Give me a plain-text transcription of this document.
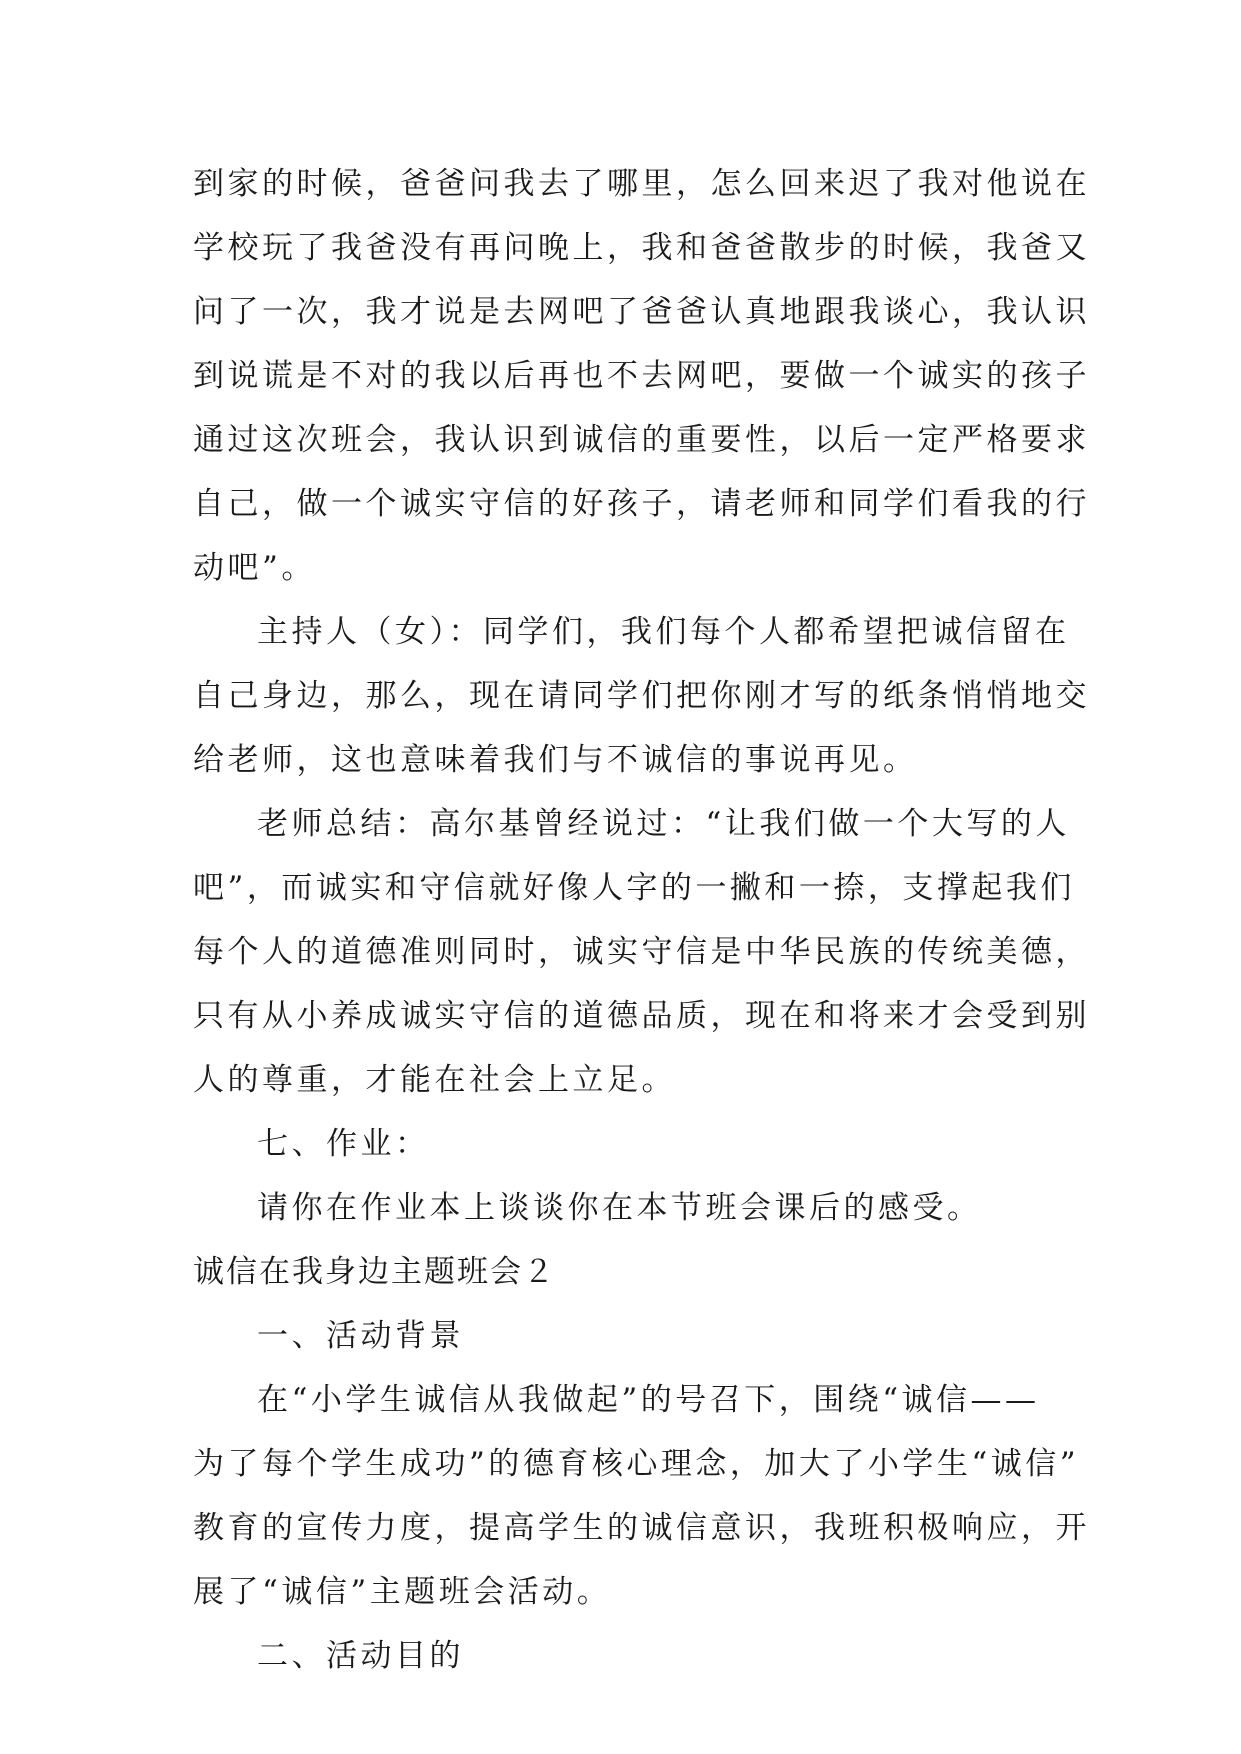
到家的时候，爸爸问我去了哪里，怎么回来迟了我对他说在
学校玩了我爸没有再问晚上，我和爸爸散步的时候，我爸又
问了一次，我才说是去网吧了爸爸认真地跟我谈心，我认识
到说谎是不对的我以后再也不去网吧，要做一个诚实的孩子
通过这次班会，我认识到诚信的重要性，以后一定严格要求
自己，做一个诚实守信的好孩子，请老师和同学们看我的行
动吧”。
主持人（女）：同学们，我们每个人都希望把诚信留在
自己身边，那么，现在请同学们把你刚才写的纸条悄悄地交
给老师，这也意味着我们与不诚信的事说再见。
老师总结：高尔基曾经说过：“让我们做一个大写的人
吧”，而诚实和守信就好像人字的一撇和一捺，支撑起我们
每个人的道德准则同时，诚实守信是中华民族的传统美德，
只有从小养成诚实守信的道德品质，现在和将来才会受到别
人的尊重，才能在社会上立足。
七、作业：
请你在作业本上谈谈你在本节班会课后的感受。
诚信在我身边主题班会２
一、活动背景
在“小学生诚信从我做起”的号召下，围绕“诚信——
为了每个学生成功”的德育核心理念，加大了小学生“诚信”
教育的宣传力度，提高学生的诚信意识，我班积极响应，开
展了“诚信”主题班会活动。
二、活动目的
